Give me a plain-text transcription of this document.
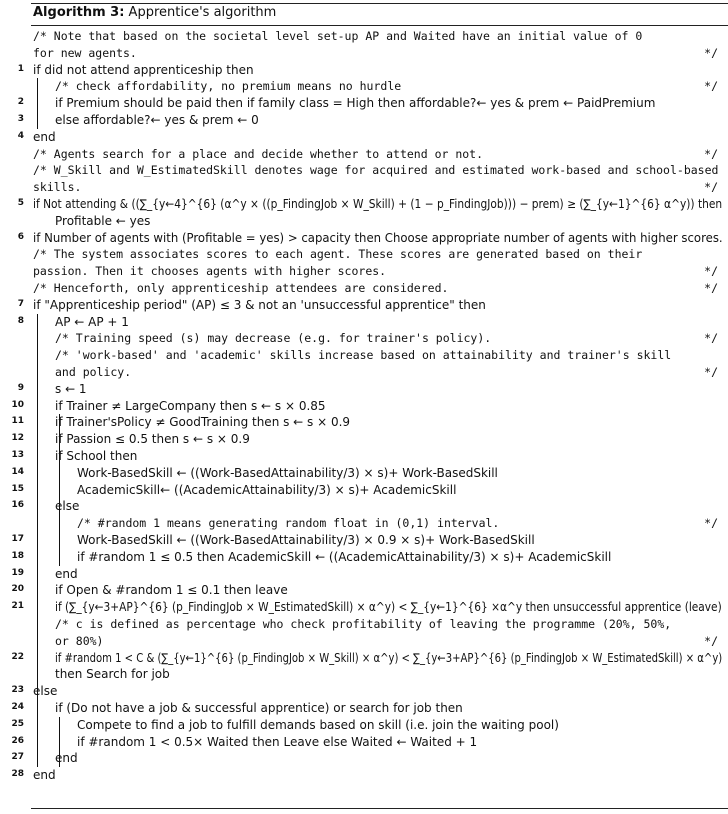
Algorithm 3: Apprentice's algorithm
/* Note that based on the societal level set-up AP and Waited have an initial value of 0
for new agents.	*/
1 if did not attend apprenticeship then
/* check affordability, no premium means no hurdle	*/
2	if Premium should be paid then if family class = High then affordable?← yes & prem ← PaidPremium
3	else affordable?← yes & prem ← 0
4 end
/* Agents search for a place and decide whether to attend or not.	*/
/* W_Skill and W_EstimatedSkill denotes wage for acquired and estimated work-based and school-based
skills.	*/
5 if Not attending & ((∑_{y←4}^{6} (α^y × ((p_FindingJob × W_Skill) + (1 − p_FindingJob))) − prem) ≥ (∑_{y←1}^{6} α^y)) then
Profitable ← yes
6 if Number of agents with (Profitable = yes) > capacity then Choose appropriate number of agents with higher scores.
/* The system associates scores to each agent. These scores are generated based on their
passion. Then it chooses agents with higher scores.	*/
/* Henceforth, only apprenticeship attendees are considered.	*/
7 if "Apprenticeship period" (AP) ≤ 3 & not an 'unsuccessful apprentice" then
8	AP ← AP + 1
/* Training speed (s) may decrease (e.g. for trainer's policy).	*/
/* 'work-based' and 'academic' skills increase based on attainability and trainer's skill
and policy.	*/
9	s ← 1
10	if Trainer ≠ LargeCompany then s ← s × 0.85
11	if Trainer'sPolicy ≠ GoodTraining then s ← s × 0.9
12	if Passion ≤ 0.5 then s ← s × 0.9
13	if School then
14	Work-BasedSkill ← ((Work-BasedAttainability/3) × s)+ Work-BasedSkill
15	AcademicSkill← ((AcademicAttainability/3) × s)+ AcademicSkill
16	else
/* #random 1 means generating random float in (0,1) interval.	*/
17	Work-BasedSkill ← ((Work-BasedAttainability/3) × 0.9 × s)+ Work-BasedSkill
18	if #random 1 ≤ 0.5 then AcademicSkill ← ((AcademicAttainability/3) × s)+ AcademicSkill
19	end
20	if Open & #random 1 ≤ 0.1 then leave
21	if (∑_{y←3+AP}^{6} (p_FindingJob × W_EstimatedSkill) × α^y) < ∑_{y←1}^{6} ×α^y then unsuccessful apprentice (leave)
/* c is defined as percentage who check profitability of leaving the programme (20%, 50%,
or 80%)	*/
22	if #random 1 < C & (∑_{y←1}^{6} (p_FindingJob × W_Skill) × α^y) < ∑_{y←3+AP}^{6} (p_FindingJob × W_EstimatedSkill) × α^y)
then Search for job
23 else
24	if (Do not have a job & successful apprentice) or search for job then
25	Compete to find a job to fulfill demands based on skill (i.e. join the waiting pool)
26	if #random 1 < 0.5× Waited then Leave else Waited ← Waited + 1
27	end
28 end
